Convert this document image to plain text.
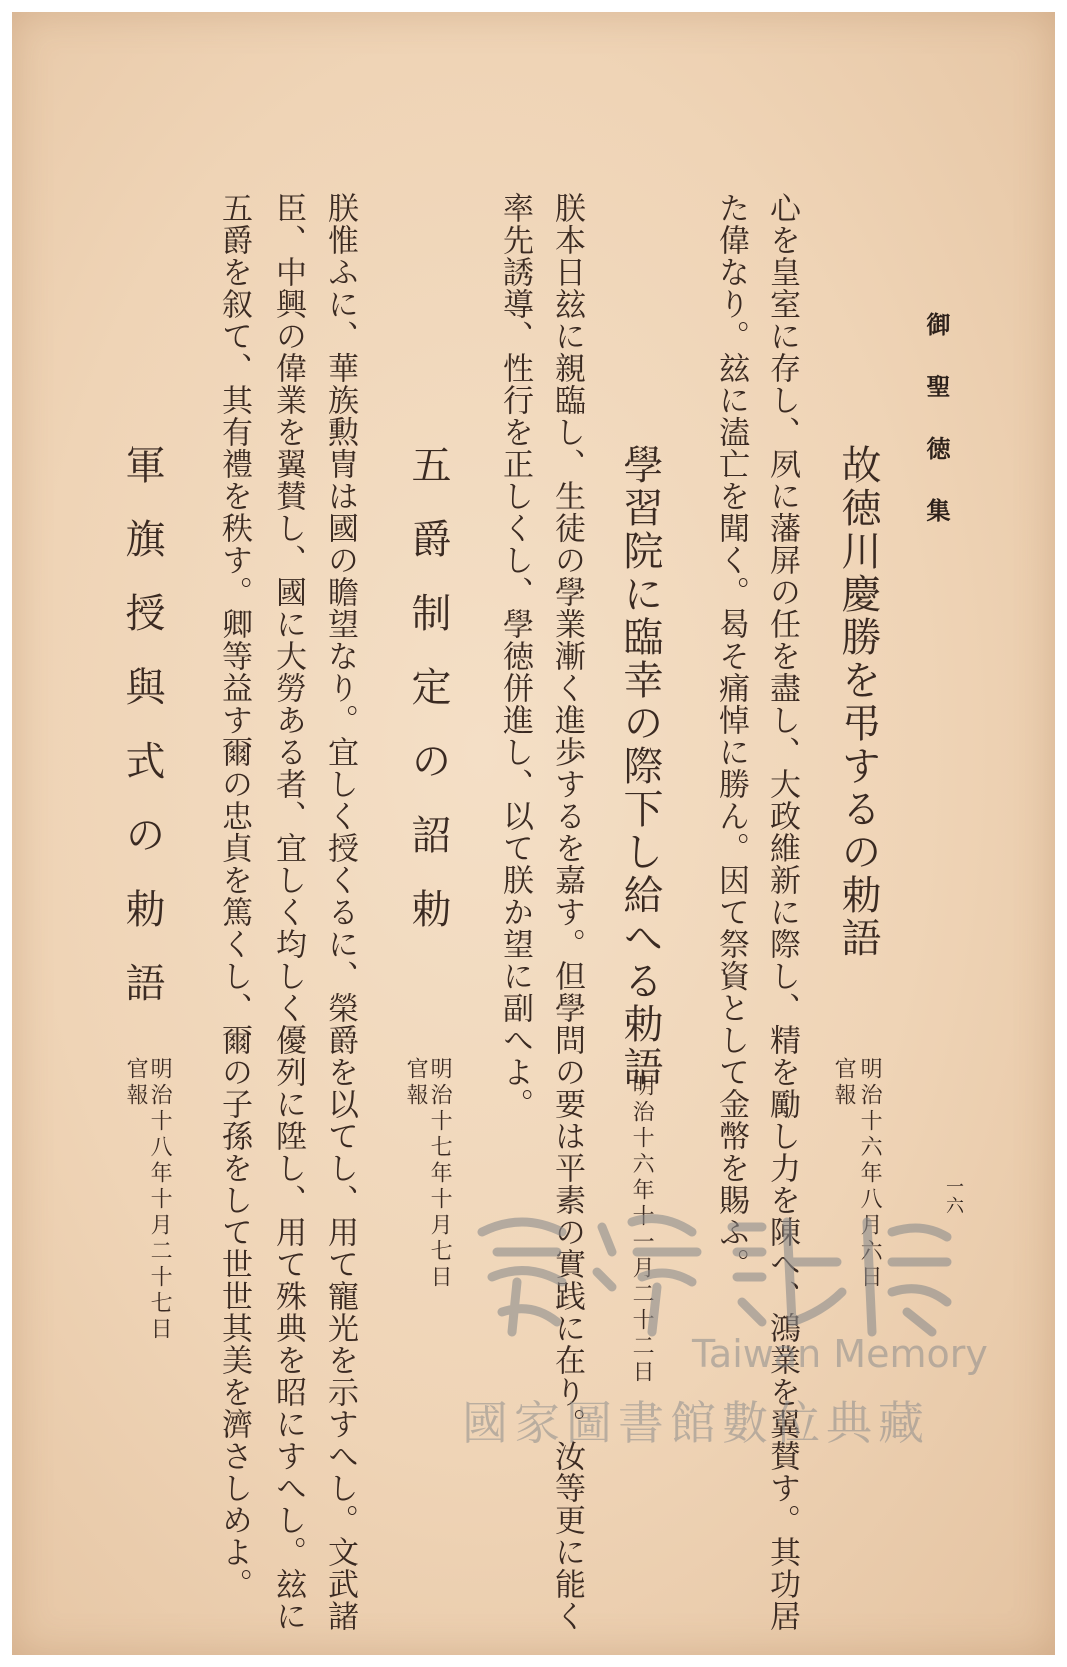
御聖徳集
一六
故徳川慶勝を弔するの勅語
明治十六年八月六日
官報
心を皇室に存し、夙に藩屏の任を盡し、大政維新に際し、精を勵し力を陳へ、鴻業を翼賛す。其功居
た偉なり。玆に溘亡を聞く。曷そ痛悼に勝ん。因て祭資として金幣を賜ふ。
學習院に臨幸の際下し給へる勅語
明治十六年十一月二十二日
朕本日玆に親臨し、生徒の學業漸く進歩するを嘉す。但學問の要は平素の實践に在り。汝等更に能く
率先誘導、性行を正しくし、學徳併進し、以て朕か望に副へよ。
五爵制定の詔勅
明治十七年十月七日
官報
朕惟ふに、華族勲冑は國の瞻望なり。宜しく授くるに、榮爵を以てし、用て寵光を示すへし。文武諸
臣、中興の偉業を翼賛し、國に大勞ある者、宜しく均しく優列に陞し、用て殊典を昭にすへし。玆に
五爵を叙て、其有禮を秩す。卿等益す爾の忠貞を篤くし、爾の子孫をして世世其美を濟さしめよ。
軍旗授與式の勅語
明治十八年十月二十七日
官報
Taiwan Memory
國家圖書館數位典藏
